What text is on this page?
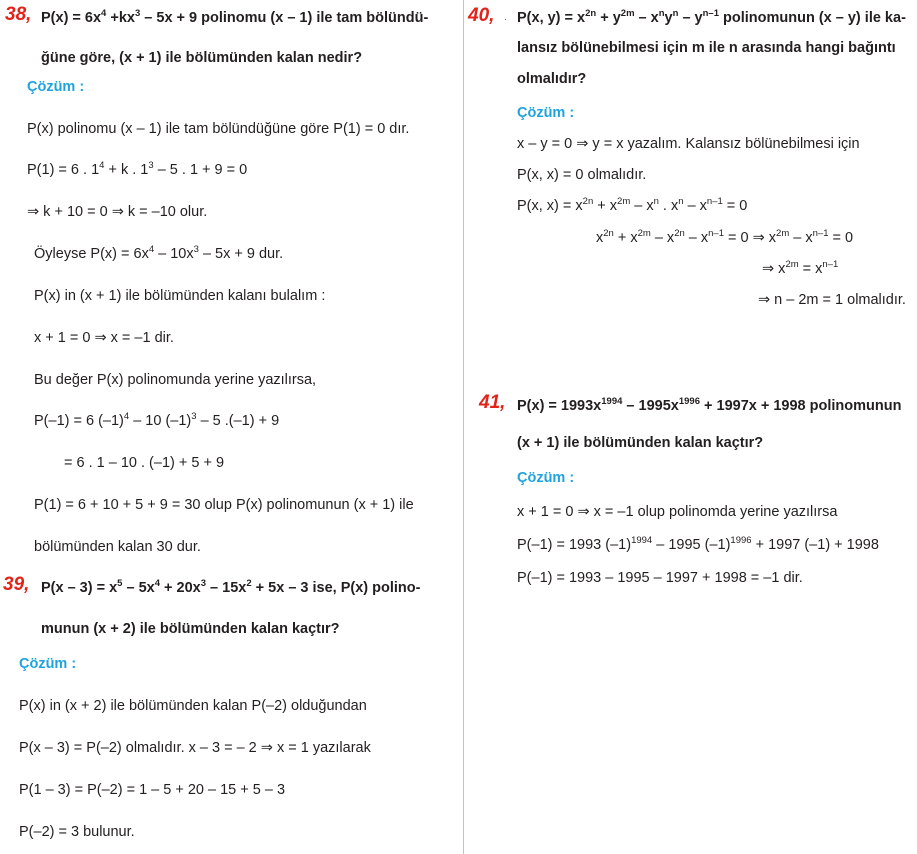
38, $P(x) = 6x^4 +kx^3 - 5x + 9$ polinomu (x – 1) ile tam bölündü-
ğüne göre, (x + 1) ile bölümünden kalan nedir?
Çözüm :
P(x) polinomu (x – 1) ile tam bölündüğüne göre P(1) = 0 dır.
P(1) = 6 . $1^4 + k$ . $1^3 - 5$ . 1 + 9 = 0
⇒ k + 10 = 0 ⇒ k = –10 olur.
Öyleyse $P(x) = 6x^4 - 10x^3 - 5x + 9$ dur.
P(x) in (x + 1) ile bölümünden kalanı bulalım :
x + 1 = 0 ⇒ x = –1 dir.
Bu değer P(x) polinomunda yerine yazılırsa,
P(–1) = 6 $(-1)^4 - 10$ $(-1)^3 - 5$ .(–1) + 9
= 6 . 1 – 10 . (–1) + 5 + 9
P(1) = 6 + 10 + 5 + 9 = 30 olup P(x) polinomunun (x + 1) ile
bölümünden kalan 30 dur.
39, $P(x - 3) = x^5 - 5x^4 + 20x^3 - 15x^2 + 5x - 3$ ise, P(x) polino-
munun (x + 2) ile bölümünden kalan kaçtır?
Çözüm :
P(x) in (x + 2) ile bölümünden kalan P(–2) olduğundan
P(x – 3) = P(–2) olmalıdır. x – 3 = – 2 ⇒ x = 1 yazılarak
P(1 – 3) = P(–2) = 1 – 5 + 20 – 15 + 5 – 3
P(–2) = 3 bulunur.
40, . P(x, $y) = x^{2n} + y^{2m} - x^ny^n - y^{n-1}$ polinomunun (x – y) ile ka-
lansız bölünebilmesi için m ile n arasında hangi bağıntı
olmalıdır?
Çözüm :
x – y = 0 ⇒ y = x yazalım. Kalansız bölünebilmesi için
P(x, x) = 0 olmalıdır.
P(x, $x) = x^{2n} + x^{2m} - x^n$ . $x^n - x^{n-1} = 0$
$x^{2n} + x^{2m} - x^{2n} - x^{n-1} = 0$ ⇒ $x^{2m} - x^{n-1} = 0$
⇒ $x^{2m} = x^{n-1}$
⇒ n – 2m = 1 olmalıdır.
41, $P(x) = 1993x^{1994} - 1995x^{1996} + 1997x + 1998$ polinomunun
(x + 1) ile bölümünden kalan kaçtır?
Çözüm :
x + 1 = 0 ⇒ x = –1 olup polinomda yerine yazılırsa
P(–1) = 1993 $(-1)^{1994} - 1995$ $(-1)^{1996} + 1997$ (–1) + 1998
P(–1) = 1993 – 1995 – 1997 + 1998 = –1 dir.
